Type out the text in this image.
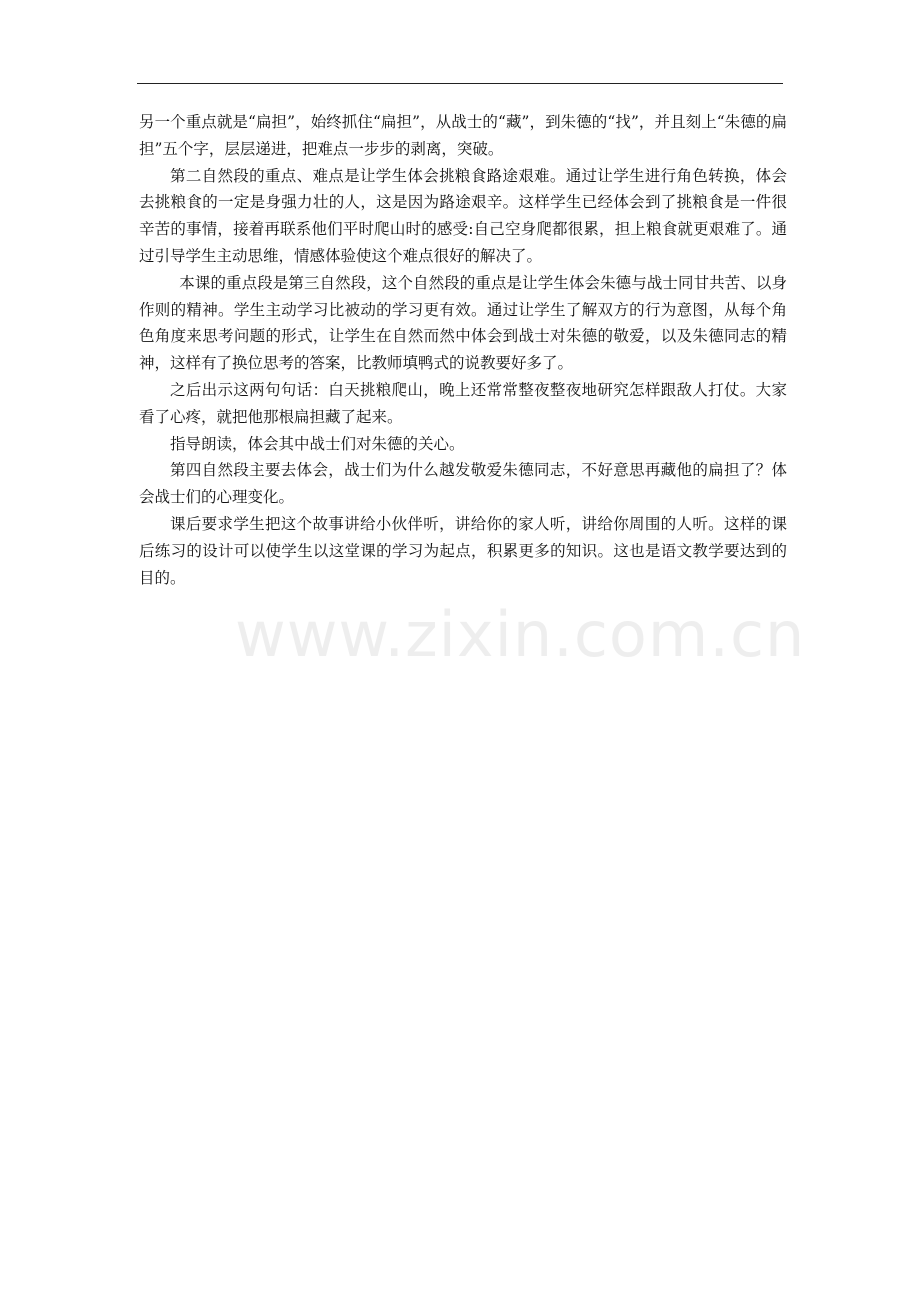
另一个重点就是“扁担”，始终抓住“扁担”，从战士的“藏”，到朱德的“找”，并且刻上“朱德的扁担”五个字，层层递进，把难点一步步的剥离，突破。

第二自然段的重点、难点是让学生体会挑粮食路途艰难。通过让学生进行角色转换，体会去挑粮食的一定是身强力壮的人，这是因为路途艰辛。这样学生已经体会到了挑粮食是一件很辛苦的事情，接着再联系他们平时爬山时的感受:自己空身爬都很累，担上粮食就更艰难了。通过引导学生主动思维，情感体验使这个难点很好的解决了。

本课的重点段是第三自然段，这个自然段的重点是让学生体会朱德与战士同甘共苦、以身作则的精神。学生主动学习比被动的学习更有效。通过让学生了解双方的行为意图，从每个角色角度来思考问题的形式，让学生在自然而然中体会到战士对朱德的敬爱，以及朱德同志的精神，这样有了换位思考的答案，比教师填鸭式的说教要好多了。

之后出示这两句句话：白天挑粮爬山，晚上还常常整夜整夜地研究怎样跟敌人打仗。大家看了心疼，就把他那根扁担藏了起来。

指导朗读，体会其中战士们对朱德的关心。

第四自然段主要去体会，战士们为什么越发敬爱朱德同志，不好意思再藏他的扁担了？体会战士们的心理变化。

课后要求学生把这个故事讲给小伙伴听，讲给你的家人听，讲给你周围的人听。这样的课后练习的设计可以使学生以这堂课的学习为起点，积累更多的知识。这也是语文教学要达到的目的。

www.zixin.com.cn
